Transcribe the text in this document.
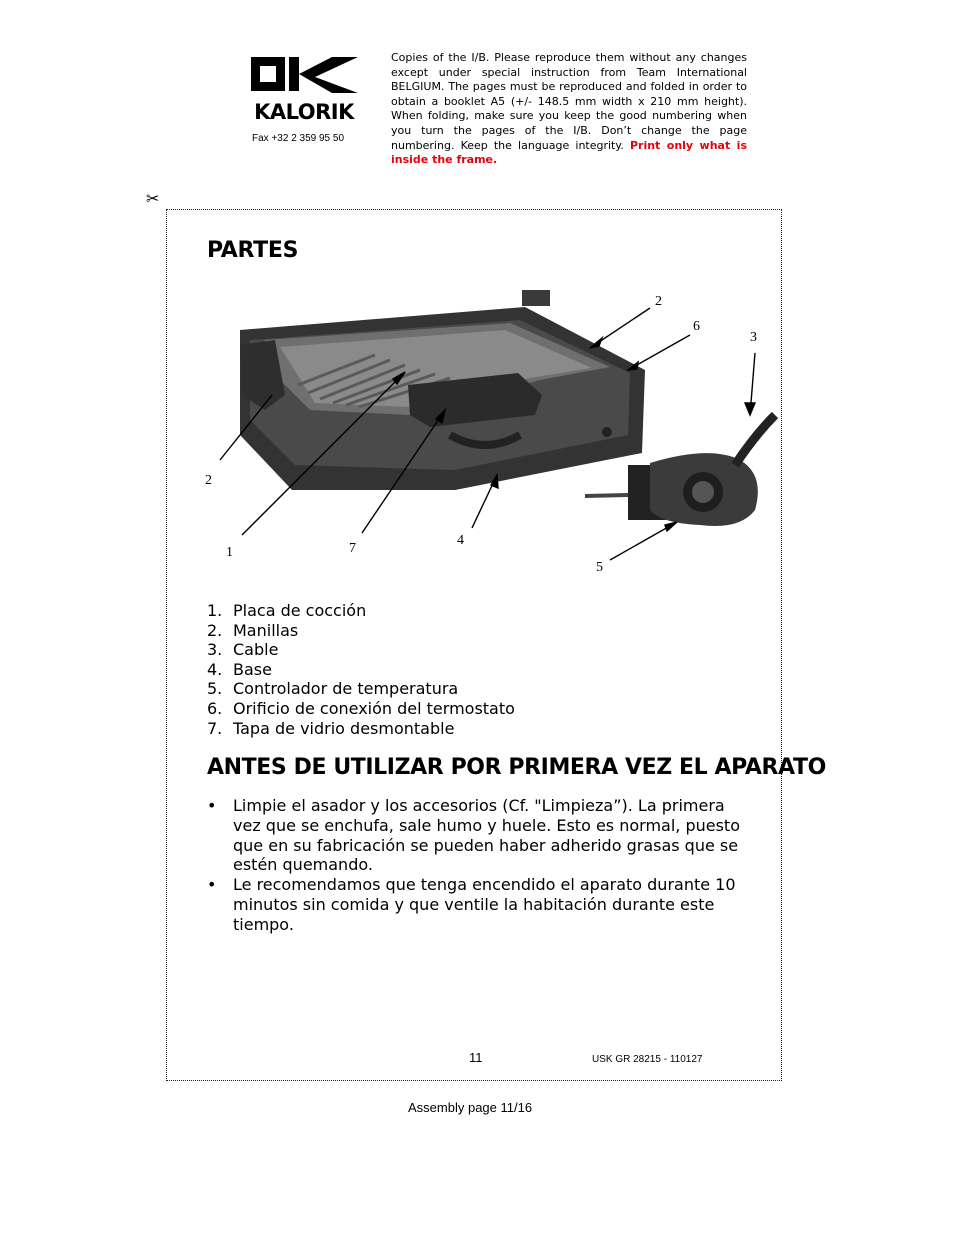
KALORIK
Fax +32 2 359 95 50
Copies of the I/B. Please reproduce them without any changes except under special instruction from Team International BELGIUM. The pages must be reproduced and folded in order to obtain a booklet A5 (+/- 148.5 mm width x 210 mm height). When folding, make sure you keep the good numbering when you turn the pages of the I/B. Don’t change the page numbering. Keep the language integrity. Print only what is inside the frame.
✂
PARTES
2
6
3
2
1	7
4
5
1. Placa de cocción
2. Manillas
3. Cable
4. Base
5. Controlador de temperatura
6. Orificio de conexión del termostato
7. Tapa de vidrio desmontable
ANTES DE UTILIZAR POR PRIMERA VEZ EL APARATO
• Limpie el asador y los accesorios (Cf. "Limpieza”). La primera vez que se enchufa, sale humo y huele. Esto es normal, puesto que en su fabricación se pueden haber adherido grasas que se estén quemando.
• Le recomendamos que tenga encendido el aparato durante 10 minutos sin comida y que ventile la habitación durante este tiempo.
11	USK GR 28215 - 110127
Assembly page 11/16
